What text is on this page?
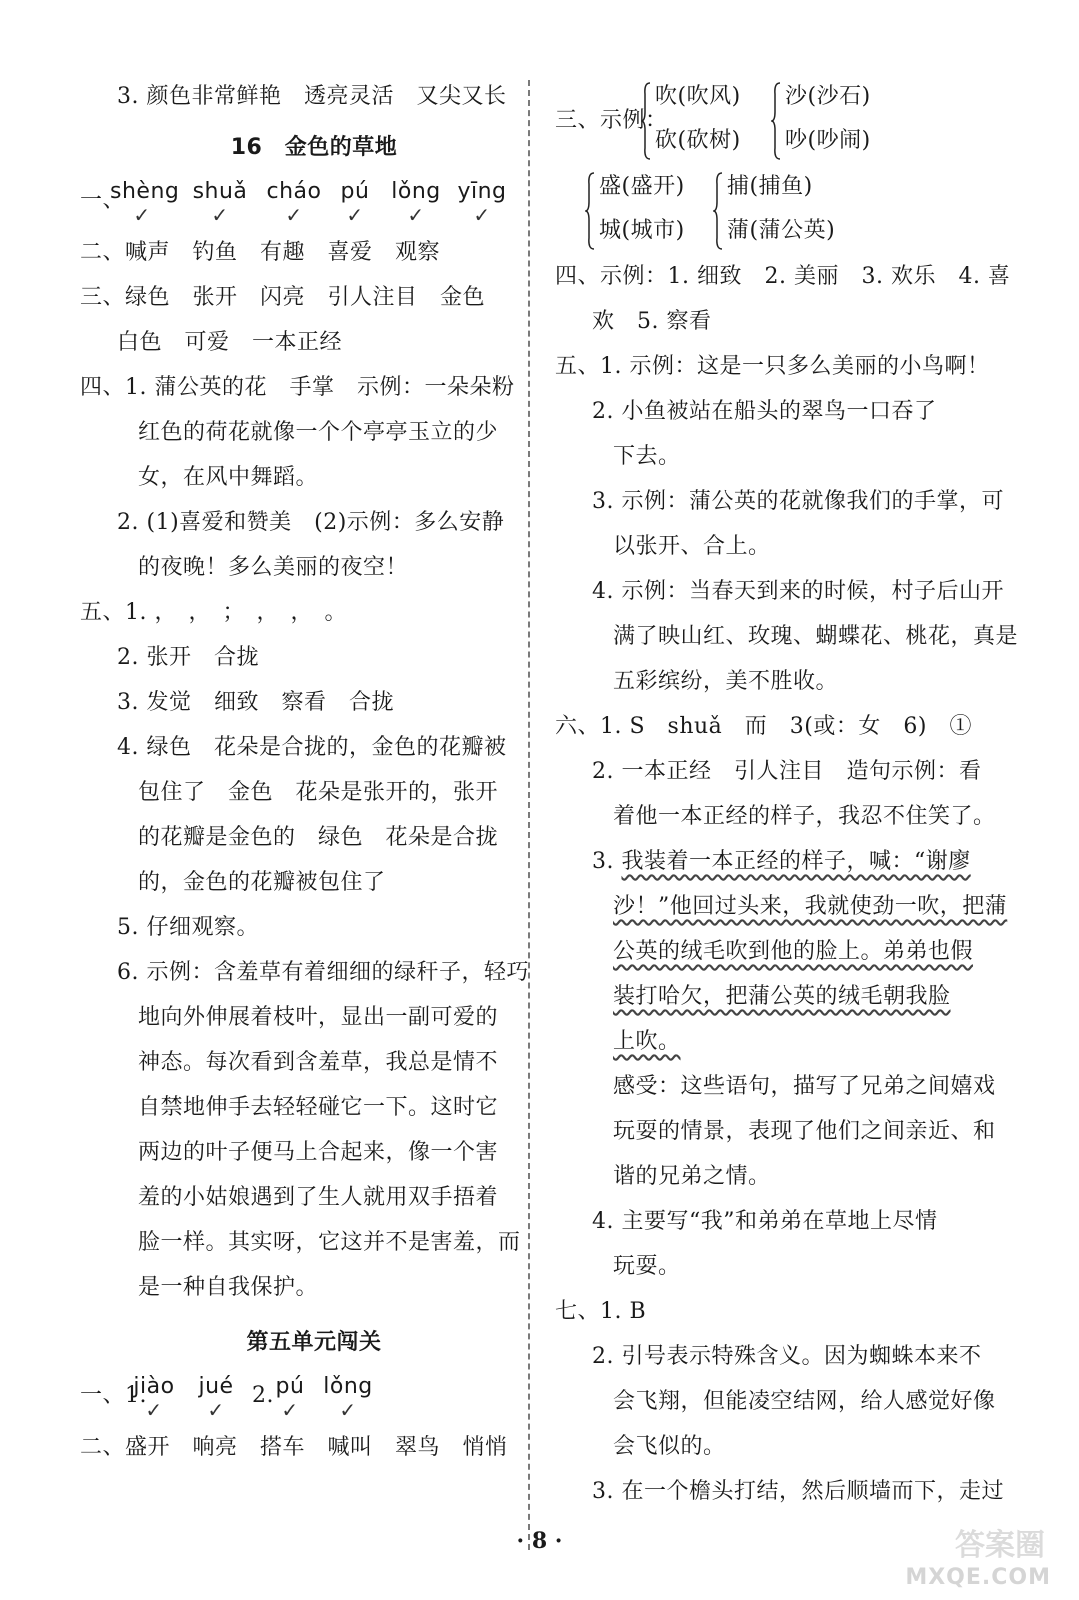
3. 颜色非常鲜艳　透亮灵活　又尖又长

16　金色的草地

一、
shèng
✓
shuǎ
✓
cháo
✓
pú
✓
lǒng
✓
yīng
✓

二、喊声　钓鱼　有趣　喜爱　观察

三、绿色　张开　闪亮　引人注目　金色

白色　可爱　一本正经

四、1. 蒲公英的花　手掌　示例：一朵朵粉

红色的荷花就像一个个亭亭玉立的少

女，在风中舞蹈。

2. (1)喜爱和赞美　(2)示例：多么安静

的夜晚！多么美丽的夜空！

五、1. ，　，　；　，　，　。

2. 张开　合拢

3. 发觉　细致　察看　合拢

4. 绿色　花朵是合拢的，金色的花瓣被

包住了　金色　花朵是张开的，张开

的花瓣是金色的　绿色　花朵是合拢

的，金色的花瓣被包住了

5. 仔细观察。

6. 示例：含羞草有着细细的绿秆子，轻巧

地向外伸展着枝叶，显出一副可爱的

神态。每次看到含羞草，我总是情不

自禁地伸手去轻轻碰它一下。这时它

两边的叶子便马上合起来，像一个害

羞的小姑娘遇到了生人就用双手捂着

脸一样。其实呀，它这并不是害羞，而

是一种自我保护。

第五单元闯关

一、1.
jiào
✓
jué
✓
2. pú
✓
lǒng
✓

二、盛开　响亮　搭车　喊叫　翠鸟　悄悄

三、示例：
吹(吹风)
砍(砍树)
沙(沙石)
吵(吵闹)
盛(盛开)
城(城市)
捕(捕鱼)
蒲(蒲公英)

四、示例：1. 细致　2. 美丽　3. 欢乐　4. 喜

欢　5. 察看

五、1. 示例：这是一只多么美丽的小鸟啊！

2. 小鱼被站在船头的翠鸟一口吞了

下去。

3. 示例：蒲公英的花就像我们的手掌，可

以张开、合上。

4. 示例：当春天到来的时候，村子后山开

满了映山红、玫瑰、蝴蝶花、桃花，真是

五彩缤纷，美不胜收。

六、1. S　shuǎ　而　3(或：女　6)　①

2. 一本正经　引人注目　造句示例：看

着他一本正经的样子，我忍不住笑了。

3. 我装着一本正经的样子，喊：“谢廖

沙！”他回过头来，我就使劲一吹，把蒲

公英的绒毛吹到他的脸上。弟弟也假

装打哈欠，把蒲公英的绒毛朝我脸

上吹。

感受：这些语句，描写了兄弟之间嬉戏

玩耍的情景，表现了他们之间亲近、和

谐的兄弟之情。

4. 主要写“我”和弟弟在草地上尽情

玩耍。

七、1. B

2. 引号表示特殊含义。因为蜘蛛本来不

会飞翔，但能凌空结网，给人感觉好像

会飞似的。

3. 在一个檐头打结，然后顺墙而下，走过

· 8 ·	答案圈
MXQE.COM
